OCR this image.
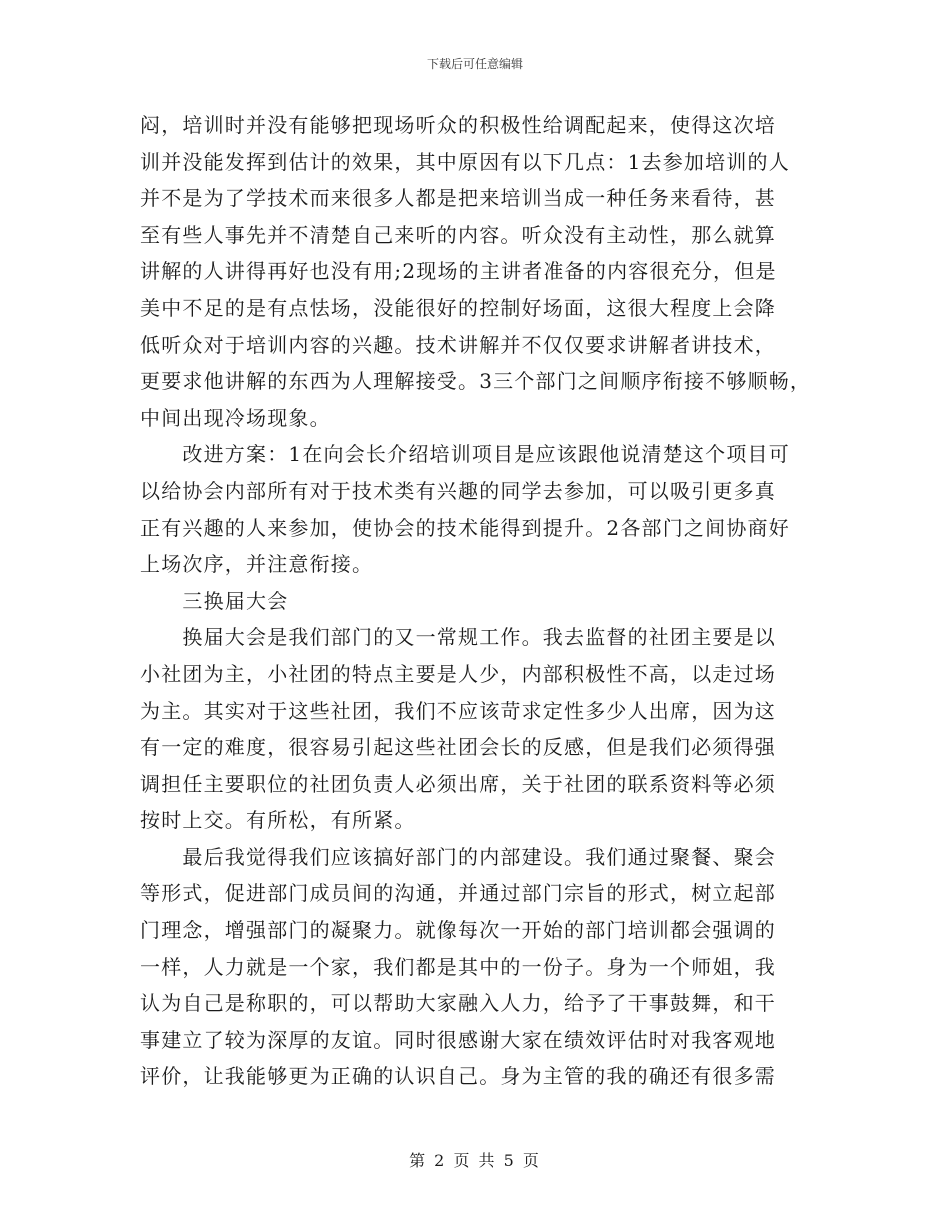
下载后可任意编辑
闷，培训时并没有能够把现场听众的积极性给调配起来，使得这次培
训并没能发挥到估计的效果，其中原因有以下几点：1去参加培训的人
并不是为了学技术而来很多人都是把来培训当成一种任务来看待，甚
至有些人事先并不清楚自己来听的内容。听众没有主动性，那么就算
讲解的人讲得再好也没有用;2现场的主讲者准备的内容很充分，但是
美中不足的是有点怯场，没能很好的控制好场面，这很大程度上会降
低听众对于培训内容的兴趣。技术讲解并不仅仅要求讲解者讲技术，
更要求他讲解的东西为人理解接受。3三个部门之间顺序衔接不够顺畅，
中间出现冷场现象。
　　改进方案：1在向会长介绍培训项目是应该跟他说清楚这个项目可
以给协会内部所有对于技术类有兴趣的同学去参加，可以吸引更多真
正有兴趣的人来参加，使协会的技术能得到提升。2各部门之间协商好
上场次序，并注意衔接。
　　三换届大会
　　换届大会是我们部门的又一常规工作。我去监督的社团主要是以
小社团为主，小社团的特点主要是人少，内部积极性不高，以走过场
为主。其实对于这些社团，我们不应该苛求定性多少人出席，因为这
有一定的难度，很容易引起这些社团会长的反感，但是我们必须得强
调担任主要职位的社团负责人必须出席，关于社团的联系资料等必须
按时上交。有所松，有所紧。
　　最后我觉得我们应该搞好部门的内部建设。我们通过聚餐、聚会
等形式，促进部门成员间的沟通，并通过部门宗旨的形式，树立起部
门理念，增强部门的凝聚力。就像每次一开始的部门培训都会强调的
一样，人力就是一个家，我们都是其中的一份子。身为一个师姐，我
认为自己是称职的，可以帮助大家融入人力，给予了干事鼓舞，和干
事建立了较为深厚的友谊。同时很感谢大家在绩效评估时对我客观地
评价，让我能够更为正确的认识自己。身为主管的我的确还有很多需
第 2 页 共 5 页
